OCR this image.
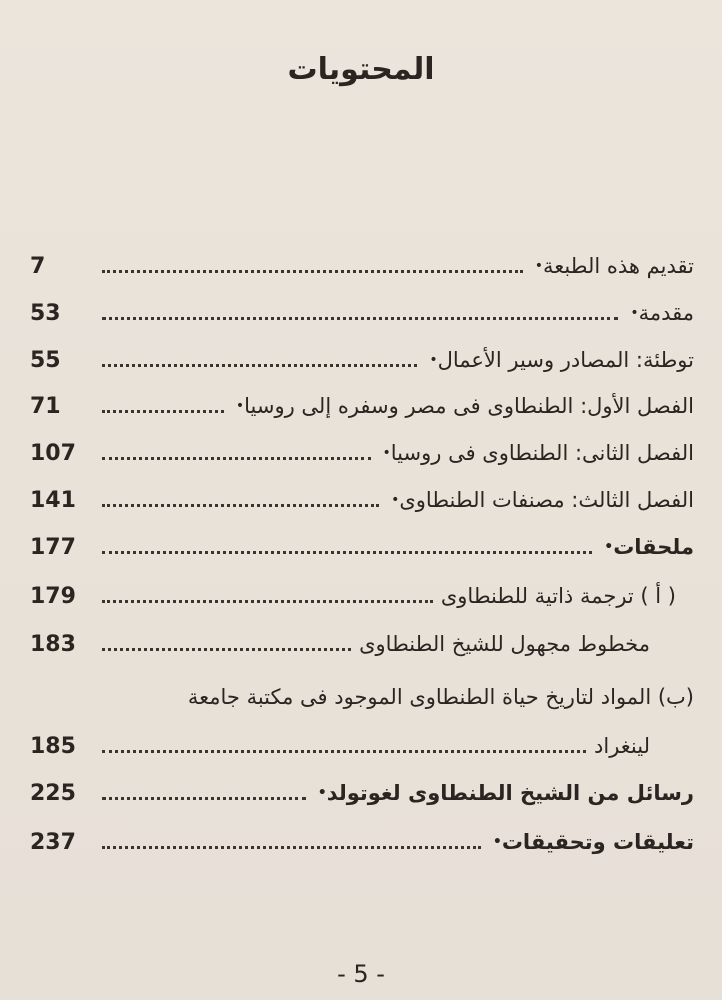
المحتويات
• تقديم هذه الطبعة
7
• مقدمة
53
• توطئة: المصادر وسير الأعمال
55
• الفصل الأول: الطنطاوى فى مصر وسفره إلى روسيا
71
• الفصل الثانى: الطنطاوى فى روسيا
107
• الفصل الثالث: مصنفات الطنطاوى
141
• ملحقات
177
( أ ) ترجمة ذاتية للطنطاوى
179
مخطوط مجهول للشيخ الطنطاوى
183
(ب) المواد لتاريخ حياة الطنطاوى الموجود فى مكتبة جامعة
لينغراد
185
• رسائل من الشيخ الطنطاوى لغوتولد
225
• تعليقات وتحقيقات
237
- 5 -
